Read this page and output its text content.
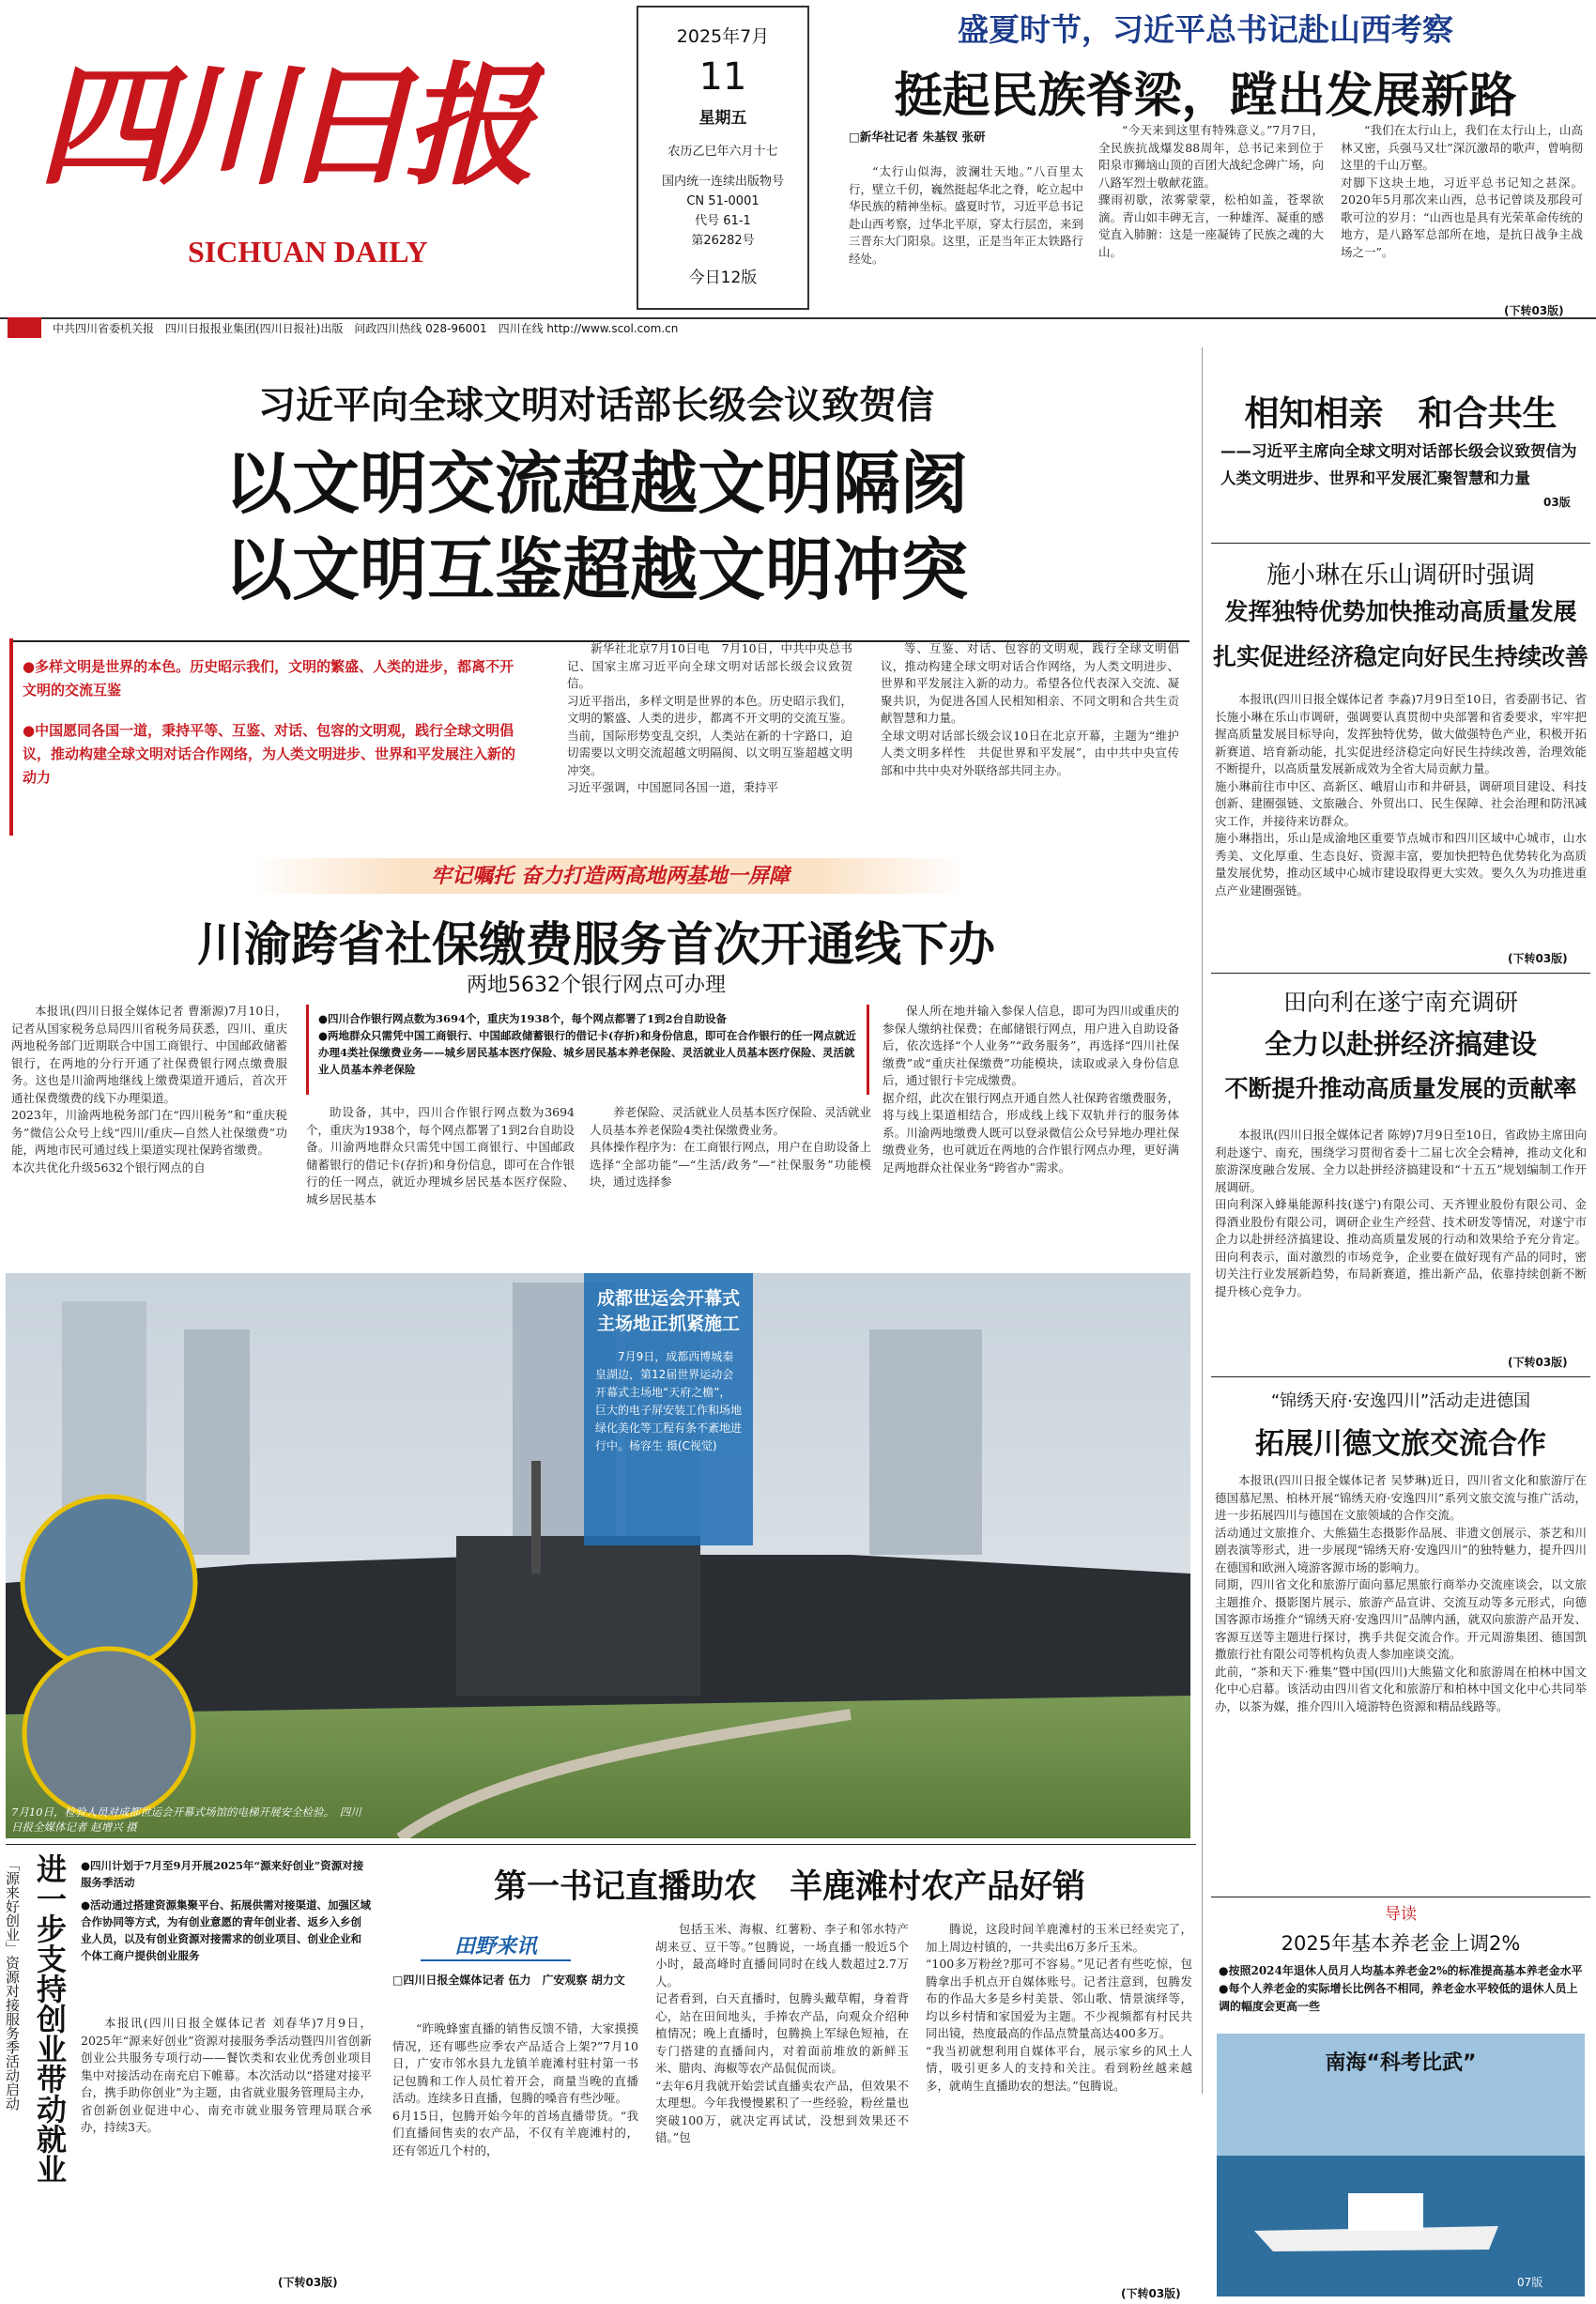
四川日报
SICHUAN DAILY
2025年7月
11
星期五
农历乙巳年六月十七
国内统一连续出版物号
CN 51-0001
代号 61-1
第26282号
今日12版
盛夏时节，习近平总书记赴山西考察
挺起民族脊梁，蹚出发展新路
□新华社记者 朱基钗 张研

“太行山似海，波澜壮天地。”八百里太行，壁立千仞，巍然挺起华北之脊，屹立起中华民族的精神坐标。盛夏时节，习近平总书记赴山西考察，过华北平原，穿太行层峦，来到三晋东大门阳泉。这里，正是当年正太铁路行经处。

“今天来到这里有特殊意义。”7月7日，全民族抗战爆发88周年，总书记来到位于阳泉市狮垴山顶的百团大战纪念碑广场，向八路军烈士敬献花篮。
骤雨初歇，浓雾蒙蒙，松柏如盖，苍翠欲滴。青山如丰碑无言，一种雄浑、凝重的感觉直入肺腑：这是一座凝铸了民族之魂的大山。

“我们在太行山上，我们在太行山上，山高林又密，兵强马又壮”深沉激昂的歌声，曾响彻这里的千山万壑。
对脚下这块土地，习近平总书记知之甚深。2020年5月那次来山西，总书记曾谈及那段可歌可泣的岁月：“山西也是具有光荣革命传统的地方，是八路军总部所在地，是抗日战争主战场之一”。

(下转03版)
中共四川省委机关报　四川日报报业集团(四川日报社)出版　问政四川热线 028-96001　四川在线 http://www.scol.com.cn
习近平向全球文明对话部长级会议致贺信
以文明交流超越文明隔阂
以文明互鉴超越文明冲突
●多样文明是世界的本色。历史昭示我们，文明的繁盛、人类的进步，都离不开文明的交流互鉴
●中国愿同各国一道，秉持平等、互鉴、对话、包容的文明观，践行全球文明倡议，推动构建全球文明对话合作网络，为人类文明进步、世界和平发展注入新的动力

新华社北京7月10日电　7月10日，中共中央总书记、国家主席习近平向全球文明对话部长级会议致贺信。
习近平指出，多样文明是世界的本色。历史昭示我们，文明的繁盛、人类的进步，都离不开文明的交流互鉴。当前，国际形势变乱交织，人类站在新的十字路口，迫切需要以文明交流超越文明隔阂、以文明互鉴超越文明冲突。
习近平强调，中国愿同各国一道，秉持平

等、互鉴、对话、包容的文明观，践行全球文明倡议，推动构建全球文明对话合作网络，为人类文明进步、世界和平发展注入新的动力。希望各位代表深入交流、凝聚共识，为促进各国人民相知相亲、不同文明和合共生贡献智慧和力量。
全球文明对话部长级会议10日在北京开幕，主题为“维护人类文明多样性　共促世界和平发展”，由中共中央宣传部和中共中央对外联络部共同主办。

牢记嘱托 奋力打造两高地两基地一屏障
川渝跨省社保缴费服务首次开通线下办
两地5632个银行网点可办理

本报讯(四川日报全媒体记者 曹渐源)7月10日，记者从国家税务总局四川省税务局获悉，四川、重庆两地税务部门近期联合中国工商银行、中国邮政储蓄银行，在两地的分行开通了社保费银行网点缴费服务。这也是川渝两地继线上缴费渠道开通后，首次开通社保费缴费的线下办理渠道。
2023年，川渝两地税务部门在“四川税务”和“重庆税务”微信公众号上线“四川/重庆—自然人社保缴费”功能，两地市民可通过线上渠道实现社保跨省缴费。
本次共优化升级5632个银行网点的自

●四川合作银行网点数为3694个，重庆为1938个，每个网点都署了1到2台自助设备
●两地群众只需凭中国工商银行、中国邮政储蓄银行的借记卡(存折)和身份信息，即可在合作银行的任一网点就近办理4类社保缴费业务——城乡居民基本医疗保险、城乡居民基本养老保险、灵活就业人员基本医疗保险、灵活就业人员基本养老保险

助设备，其中，四川合作银行网点数为3694个，重庆为1938个，每个网点都署了1到2台自助设备。川渝两地群众只需凭中国工商银行、中国邮政储蓄银行的借记卡(存折)和身份信息，即可在合作银行的任一网点，就近办理城乡居民基本医疗保险、城乡居民基本

养老保险、灵活就业人员基本医疗保险、灵活就业人员基本养老保险4类社保缴费业务。
具体操作程序为：在工商银行网点，用户在自助设备上选择“全部功能”—“生活/政务”—“社保服务”功能模块，通过选择参

保人所在地并输入参保人信息，即可为四川或重庆的参保人缴纳社保费；在邮储银行网点，用户进入自助设备后，依次选择“个人业务”“政务服务”，再选择“四川社保缴费”或“重庆社保缴费”功能模块，读取或录入身份信息后，通过银行卡完成缴费。
据介绍，此次在银行网点开通自然人社保跨省缴费服务，将与线上渠道相结合，形成线上线下双轨并行的服务体系。川渝两地缴费人既可以登录微信公众号异地办理社保缴费业务，也可就近在两地的合作银行网点办理，更好满足两地群众社保业务“跨省办”需求。

成都世运会开幕式主场地正抓紧施工
7月9日，成都西博城秦皇湖边，第12届世界运动会开幕式主场地“天府之檐”，巨大的电子屏安装工作和场地绿化美化等工程有条不紊地进行中。杨容生 摄(C视觉)
7月10日，检验人员对成都世运会开幕式场馆的电梯开展安全检验。　四川日报全媒体记者 赵增兴 摄
相知相亲　和合共生
——习近平主席向全球文明对话部长级会议致贺信为人类文明进步、世界和平发展汇聚智慧和力量
03版
施小琳在乐山调研时强调
发挥独特优势加快推动高质量发展
扎实促进经济稳定向好民生持续改善

本报讯(四川日报全媒体记者 李淼)7月9日至10日，省委副书记、省长施小琳在乐山市调研，强调要认真贯彻中央部署和省委要求，牢牢把握高质量发展目标导向，发挥独特优势，做大做强特色产业，积极开拓新赛道、培育新动能，扎实促进经济稳定向好民生持续改善，治理效能不断提升，以高质量发展新成效为全省大局贡献力量。
施小琳前往市中区、高新区、峨眉山市和井研县，调研项目建设、科技创新、建圈强链、文旅融合、外贸出口、民生保障、社会治理和防汛减灾工作，并接待来访群众。
施小琳指出，乐山是成渝地区重要节点城市和四川区域中心城市，山水秀美、文化厚重、生态良好、资源丰富，要加快把特色优势转化为高质量发展优势，推动区域中心城市建设取得更大实效。要久久为功推进重点产业建圈强链。

(下转03版)
田向利在遂宁南充调研
全力以赴拼经济搞建设
不断提升推动高质量发展的贡献率

本报讯(四川日报全媒体记者 陈婷)7月9日至10日，省政协主席田向利赴遂宁、南充，围绕学习贯彻省委十二届七次全会精神，推动文化和旅游深度融合发展、全力以赴拼经济搞建设和“十五五”规划编制工作开展调研。
田向利深入蜂巢能源科技(遂宁)有限公司、天齐锂业股份有限公司、金得酒业股份有限公司，调研企业生产经营、技术研发等情况，对遂宁市企力以赴拼经济搞建设、推动高质量发展的行动和效果给予充分肯定。田向利表示，面对激烈的市场竞争，企业要在做好现有产品的同时，密切关注行业发展新趋势，布局新赛道，推出新产品，依靠持续创新不断提升核心竞争力。

(下转03版)
“锦绣天府·安逸四川”活动走进德国
拓展川德文旅交流合作

本报讯(四川日报全媒体记者 吴梦琳)近日，四川省文化和旅游厅在德国慕尼黑、柏林开展“锦绣天府·安逸四川”系列文旅交流与推广活动，进一步拓展四川与德国在文旅领域的合作交流。
活动通过文旅推介、大熊猫生态摄影作品展、非遗文创展示、茶艺和川剧表演等形式，进一步展现“锦绣天府·安逸四川”的独特魅力，提升四川在德国和欧洲入境游客源市场的影响力。
同期，四川省文化和旅游厅面向慕尼黑旅行商举办交流座谈会，以文旅主题推介、摄影图片展示、旅游产品宣讲、交流互动等多元形式，向德国客源市场推介“锦绣天府·安逸四川”品牌内涵，就双向旅游产品开发、客源互送等主题进行探讨，携手共促交流合作。开元周游集团、德国凯撒旅行社有限公司等机构负责人参加座谈交流。
此前，“茶和天下·雅集”暨中国(四川)大熊猫文化和旅游周在柏林中国文化中心启幕。该活动由四川省文化和旅游厅和柏林中国文化中心共同举办，以茶为媒，推介四川入境游特色资源和精品线路等。

导读
2025年基本养老金上调2%
●按照2024年退休人员月人均基本养老金2%的标准提高基本养老金水平
●每个人养老金的实际增长比例各不相同，养老金水平较低的退休人员上调的幅度会更高一些
南海“科考比武”
07版
「源来好创业」资源对接服务季活动启动 进一步支持创业带动就业 ●四川计划于7月至9月开展2025年“源来好创业”资源对接服务季活动
●活动通过搭建资源集聚平台、拓展供需对接渠道、加强区域合作协同等方式，为有创业意愿的青年创业者、返乡入乡创业人员，以及有创业资源对接需求的创业项目、创业企业和个体工商户提供创业服务

本报讯(四川日报全媒体记者 刘春华)7月9日，2025年“源来好创业”资源对接服务季活动暨四川省创新创业公共服务专项行动——餐饮类和农业优秀创业项目集中对接活动在南充启下帷幕。本次活动以“搭建对接平台，携手助你创业”为主题，由省就业服务管理局主办，省创新创业促进中心、南充市就业服务管理局联合承办，持续3天。

(下转03版)
第一书记直播助农　羊鹿滩村农产品好销
田野来讯
□四川日报全媒体记者 伍力　广安观察 胡力文

“昨晚蜂蜜直播的销售反馈不错，大家摸摸情况，还有哪些应季农产品适合上架?”7月10日，广安市邻水县九龙镇羊鹿滩村驻村第一书记包腾和工作人员忙着开会，商量当晚的直播活动。连续多日直播，包腾的嗓音有些沙哑。
6月15日，包腾开始今年的首场直播带货。“我们直播间售卖的农产品，不仅有羊鹿滩村的，还有邻近几个村的，

包括玉米、海椒、红薯粉、李子和邻水特产胡来豆、豆干等。”包腾说，一场直播一般近5个小时，最高峰时直播间同时在线人数超过2.7万人。
记者看到，白天直播时，包腾头戴草帽，身着背心，站在田间地头，手捧农产品，向观众介绍种植情况；晚上直播时，包腾换上军绿色短袖，在专门搭建的直播间内，对着面前堆放的新鲜玉米、腊肉、海椒等农产品侃侃而谈。
“去年6月我就开始尝试直播卖农产品，但效果不太理想。今年我慢慢累积了一些经验，粉丝量也突破100万，就决定再试试，没想到效果还不错。”包

腾说，这段时间羊鹿滩村的玉米已经卖完了，加上周边村镇的，一共卖出6万多斤玉米。
“100多万粉丝?那可不容易。”见记者有些吃惊，包腾拿出手机点开自媒体账号。记者注意到，包腾发布的作品大多是乡村美景、邻山歌、情景演绎等，均以乡村情和家国爱为主题。不少视频都有村民共同出镜，热度最高的作品点赞量高达400多万。
“我当初就想利用自媒体平台，展示家乡的风土人情，吸引更多人的支持和关注。看到粉丝越来越多，就萌生直播助农的想法。”包腾说。

(下转03版)
